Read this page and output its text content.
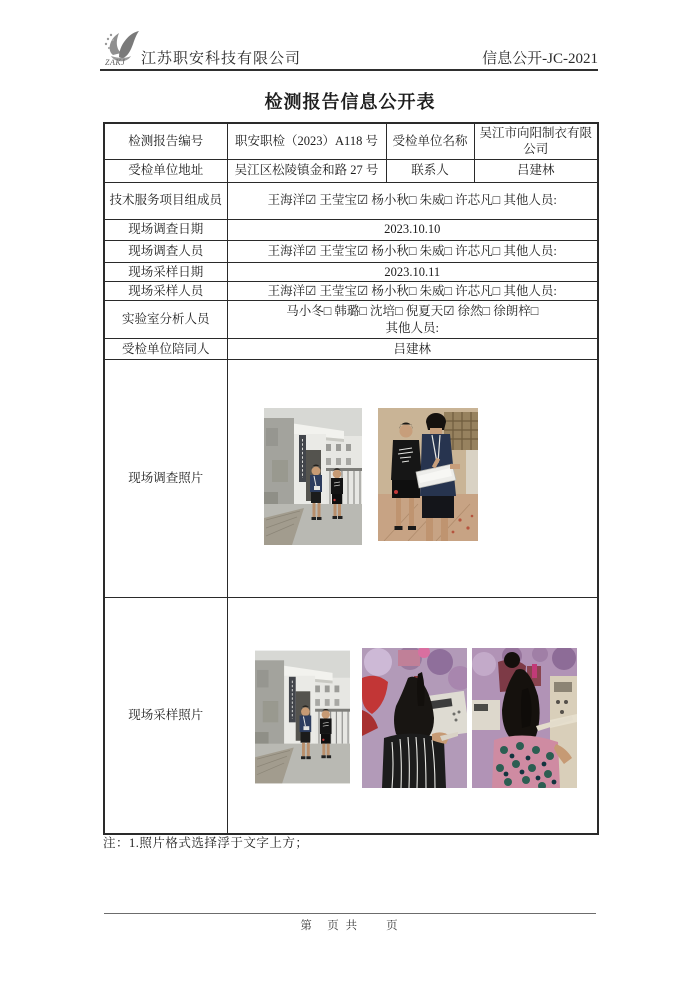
ZAKJ 江苏职安科技有限公司	信息公开-JC-2021
检测报告信息公开表
检测报告编号	职安职检（2023）A118 号	受检单位名称	吴江市向阳制衣有限公司
受检单位地址	吴江区松陵镇金和路 27 号	联系人	吕建林
技术服务项目组成员	王海洋☑ 王莹宝☑ 杨小秋□ 朱威□ 许芯凡□ 其他人员:		
现场调查日期	2023.10.10		
现场调查人员	王海洋☑ 王莹宝☑ 杨小秋□ 朱威□ 许芯凡□ 其他人员:		
现场采样日期	2023.10.11		
现场采样人员	王海洋☑ 王莹宝☑ 杨小秋□ 朱威□ 许芯凡□ 其他人员:		
实验室分析人员	马小冬□ 韩璐□ 沈培□ 倪夏天☑ 徐然□ 徐朗梓□
其他人员:		

受检单位陪同人	吕建林		
现场调查照片	

现场采样照片	
注：1.照片格式选择浮于文字上方；
第　页 共　　页
